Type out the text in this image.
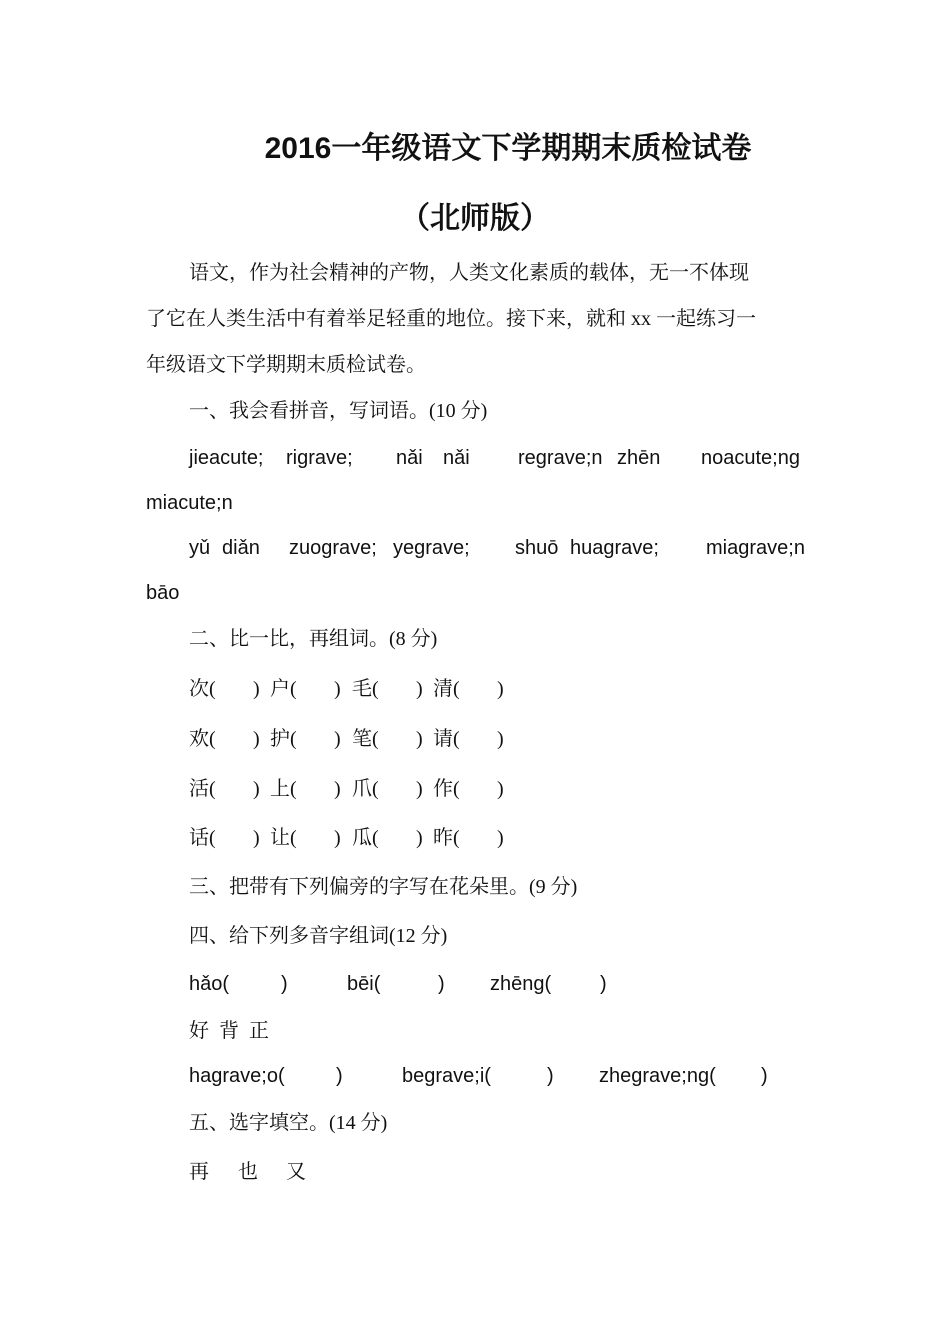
2016一年级语文下学期期末质检试卷
（北师版）
语文，作为社会精神的产物，人类文化素质的载体，无一不体现
了它在人类生活中有着举足轻重的地位。接下来，就和 xx 一起练习一
年级语文下学期期末质检试卷。
一、我会看拼音，写词语。(10 分)
jieacute; rigrave; nǎi nǎi regrave;n zhēn noacute;ng
miacute;n
yǔ diǎn zuograve; yegrave; shuō huagrave; miagrave;n
bāo
二、比一比，再组词。(8 分)
次( ) 户( ) 毛( ) 清( )
欢( ) 护( ) 笔( ) 请( )
活( ) 上( ) 爪( ) 作( )
话( ) 让( ) 瓜( ) 昨( )
三、把带有下列偏旁的字写在花朵里。(9 分)
四、给下列多音字组词(12 分)
hǎo(	)	bēi(	) zhēng( )
好  背  正
hagrave;o(	)	begrave;i(	) zhegrave;ng( )
五、选字填空。(14 分)
再 也 又
